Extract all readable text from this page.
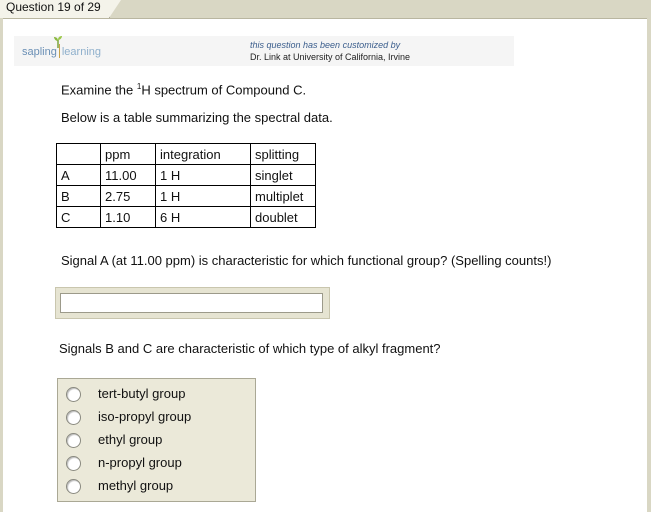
Question 19 of 29
sapling learning
this question has been customized by
Dr. Link at University of California, Irvine
Examine the $^1$H spectrum of Compound C.
Below is a table summarizing the spectral data.
	ppm	integration	splitting
A	11.00	1 H	singlet
B	2.75	1 H	multiplet
C	1.10	6 H	doublet
Signal A (at 11.00 ppm) is characteristic for which functional group? (Spelling counts!)
Signals B and C are characteristic of which type of alkyl fragment?
tert-butyl group
iso-propyl group
ethyl group
n-propyl group
methyl group
